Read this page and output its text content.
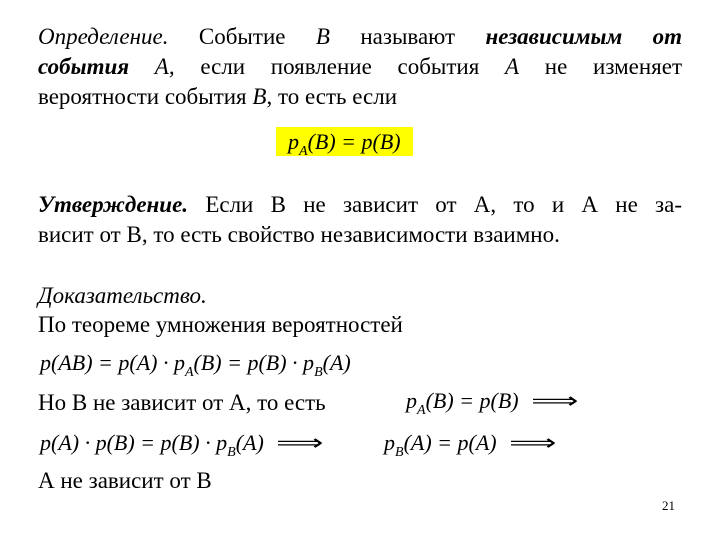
Определение. Событие B называют независимым от
события А, если появление события А не изменяет
вероятности события В, то есть если
$p_A(B) = p(B)$
Утверждение. Если В не зависит от А, то и А не за-
висит от В, то есть свойство независимости взаимно.
Доказательство.
По теореме умножения вероятностей
$p(AB) = p(A) \cdot p_A(B) = p(B) \cdot p_B(A)$
Но В не зависит от А, то есть	$p_A(B) = p(B)$ ⟹
$p(A) \cdot p(B) = p(B) \cdot p_B(A)$ ⟹	$p_B(A) = p(A)$ ⟹
А не зависит от В
21
